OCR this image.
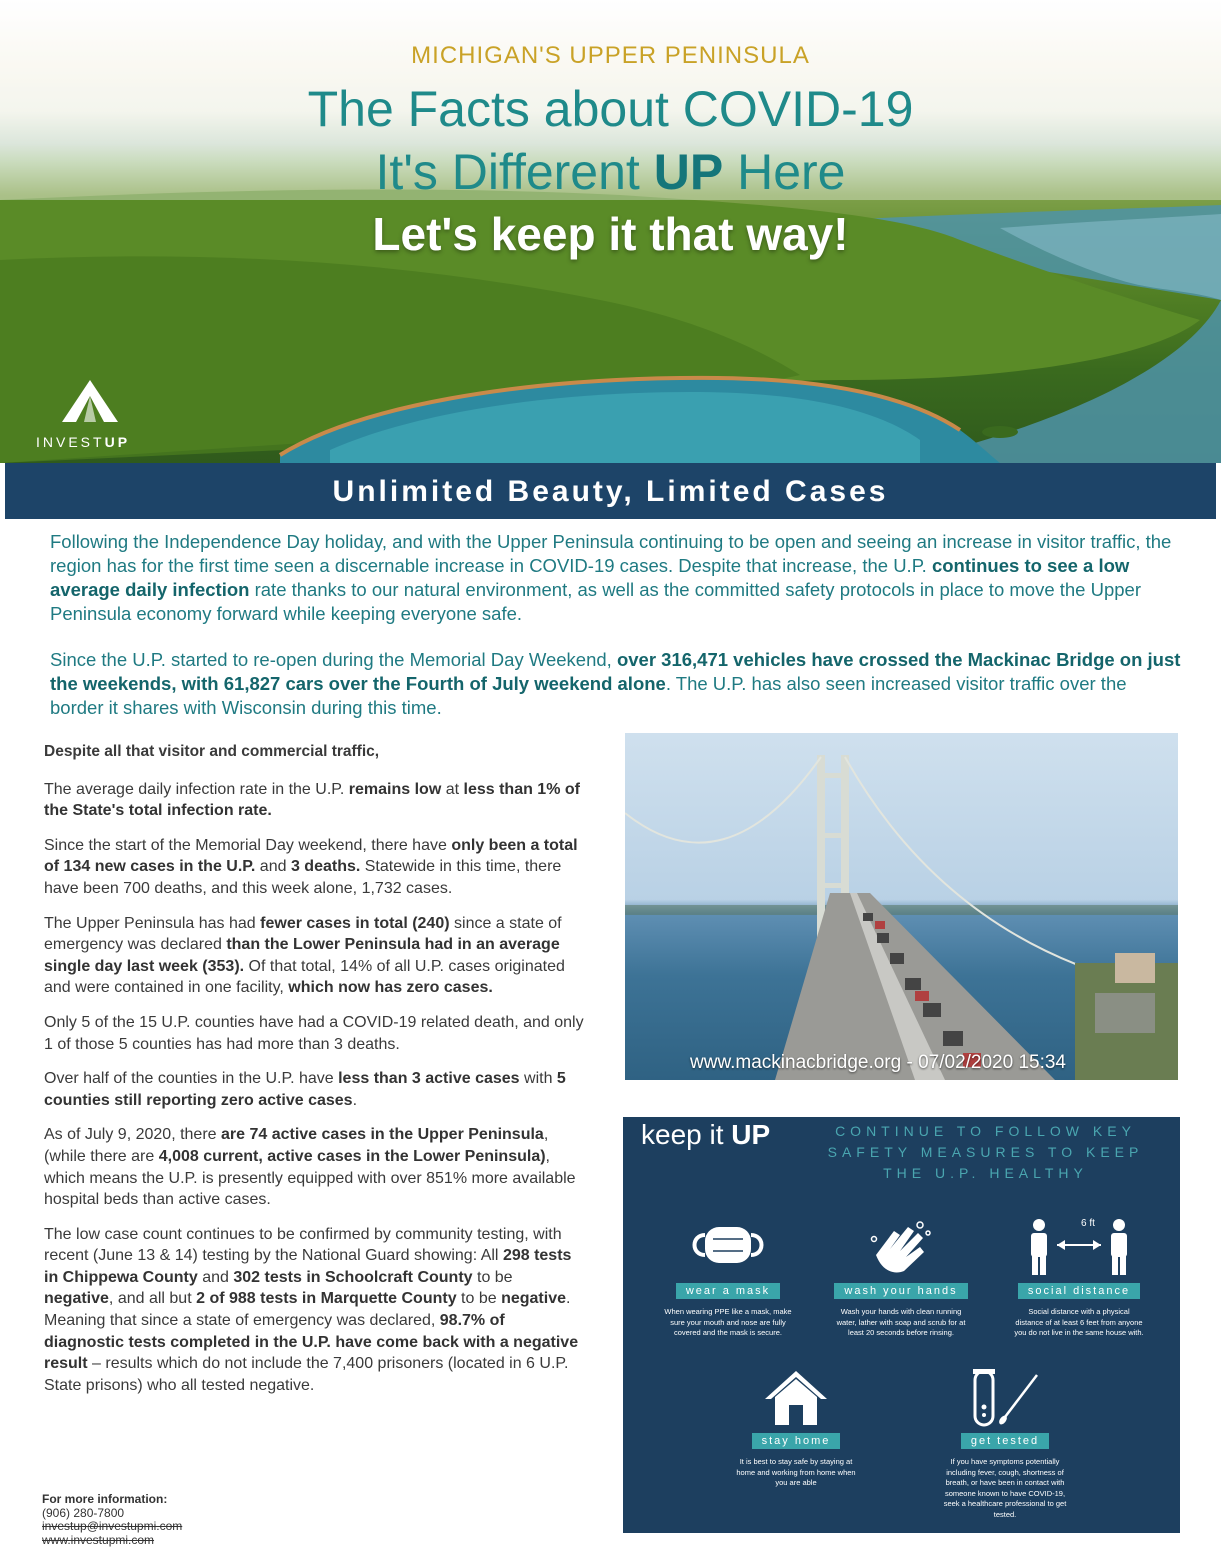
MICHIGAN'S UPPER PENINSULA
The Facts about COVID-19
It's Different UP Here
Let's keep it that way!
INVESTUP
Unlimited Beauty, Limited Cases

Following the Independence Day holiday, and with the Upper Peninsula continuing to be open and seeing an increase in visitor traffic, the region has for the first time seen a discernable increase in COVID-19 cases. Despite that increase, the U.P. continues to see a low average daily infection rate thanks to our natural environment, as well as the committed safety protocols in place to move the Upper Peninsula economy forward while keeping everyone safe.

Since the U.P. started to re-open during the Memorial Day Weekend, over 316,471 vehicles have crossed the Mackinac Bridge on just the weekends, with 61,827 cars over the Fourth of July weekend alone. The U.P. has also seen increased visitor traffic over the border it shares with Wisconsin during this time.

Despite all that visitor and commercial traffic,

The average daily infection rate in the U.P. remains low at less than 1% of the State's total infection rate.

Since the start of the Memorial Day weekend, there have only been a total of 134 new cases in the U.P. and 3 deaths. Statewide in this time, there have been 700 deaths, and this week alone, 1,732 cases.

The Upper Peninsula has had fewer cases in total (240) since a state of emergency was declared than the Lower Peninsula had in an average single day last week (353). Of that total, 14% of all U.P. cases originated and were contained in one facility, which now has zero cases.

Only 5 of the 15 U.P. counties have had a COVID-19 related death, and only 1 of those 5 counties has had more than 3 deaths.

Over half of the counties in the U.P. have less than 3 active cases with 5 counties still reporting zero active cases.

As of July 9, 2020, there are 74 active cases in the Upper Peninsula, (while there are 4,008 current, active cases in the Lower Peninsula), which means the U.P. is presently equipped with over 851% more available hospital beds than active cases.

The low case count continues to be confirmed by community testing, with recent (June 13 & 14) testing by the National Guard showing: All 298 tests in Chippewa County and 302 tests in Schoolcraft County to be negative, and all but 2 of 988 tests in Marquette County to be negative. Meaning that since a state of emergency was declared, 98.7% of diagnostic tests completed in the U.P. have come back with a negative result – results which do not include the 7,400 prisoners (located in 6 U.P. State prisons) who all tested negative.

For more information:
(906) 280-7800
investup@investupmi.com
www.investupmi.com
www.mackinacbridge.org - 07/02/2020 15:34
keep it UP	CONTINUE TO FOLLOW KEY SAFETY MEASURES TO KEEP THE U.P. HEALTHY
wear a mask
When wearing PPE like a mask, make sure your mouth and nose are fully covered and the mask is secure.
wash your hands
Wash your hands with clean running water, lather with soap and scrub for at least 20 seconds before rinsing.
social distance
Social distance with a physical distance of at least 6 feet from anyone you do not live in the same house with.
stay home
It is best to stay safe by staying at home and working from home when you are able
get tested
If you have symptoms potentially including fever, cough, shortness of breath, or have been in contact with someone known to have COVID-19, seek a healthcare professional to get tested.
6 ft
